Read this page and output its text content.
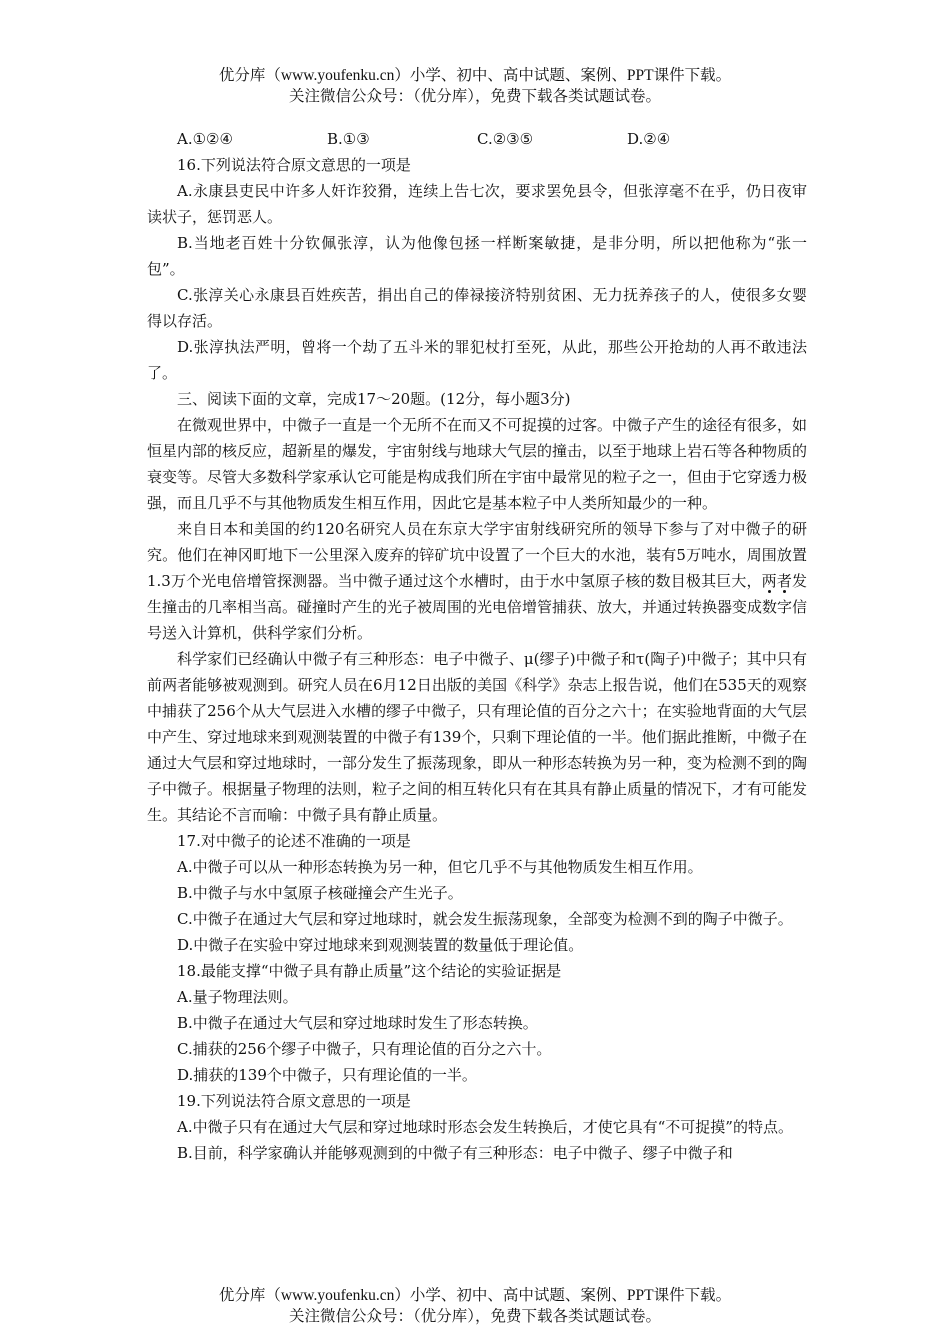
优分库（www.youfenku.cn）小学、初中、高中试题、案例、PPT课件下载。
关注微信公众号：（优分库），免费下载各类试题试卷。
A.①②④	B.①③	C.②③⑤	D.②④

16.下列说法符合原文意思的一项是

A.永康县吏民中许多人奸诈狡猾，连续上告七次，要求罢免县令，但张淳毫不在乎，仍日夜审读状子，惩罚恶人。

B.当地老百姓十分钦佩张淳，认为他像包拯一样断案敏捷，是非分明，所以把他称为“张一包”。

C.张淳关心永康县百姓疾苦，捐出自己的俸禄接济特别贫困、无力抚养孩子的人，使很多女婴得以存活。

D.张淳执法严明，曾将一个劫了五斗米的罪犯杖打至死，从此，那些公开抢劫的人再不敢违法了。

三、阅读下面的文章，完成17～20题。(12分，每小题3分)

在微观世界中，中微子一直是一个无所不在而又不可捉摸的过客。中微子产生的途径有很多，如恒星内部的核反应，超新星的爆发，宇宙射线与地球大气层的撞击，以至于地球上岩石等各种物质的衰变等。尽管大多数科学家承认它可能是构成我们所在宇宙中最常见的粒子之一，但由于它穿透力极强，而且几乎不与其他物质发生相互作用，因此它是基本粒子中人类所知最少的一种。

来自日本和美国的约120名研究人员在东京大学宇宙射线研究所的领导下参与了对中微子的研究。他们在神冈町地下一公里深入废弃的锌矿坑中设置了一个巨大的水池，装有5万吨水，周围放置1.3万个光电倍增管探测器。当中微子通过这个水槽时，由于水中氢原子核的数目极其巨大，两者发生撞击的几率相当高。碰撞时产生的光子被周围的光电倍增管捕获、放大，并通过转换器变成数字信号送入计算机，供科学家们分析。

科学家们已经确认中微子有三种形态：电子中微子、μ(缪子)中微子和τ(陶子)中微子；其中只有前两者能够被观测到。研究人员在6月12日出版的美国《科学》杂志上报告说，他们在535天的观察中捕获了256个从大气层进入水槽的缪子中微子，只有理论值的百分之六十；在实验地背面的大气层中产生、穿过地球来到观测装置的中微子有139个，只剩下理论值的一半。他们据此推断，中微子在通过大气层和穿过地球时，一部分发生了振荡现象，即从一种形态转换为另一种，变为检测不到的陶子中微子。根据量子物理的法则，粒子之间的相互转化只有在其具有静止质量的情况下，才有可能发生。其结论不言而喻：中微子具有静止质量。

17.对中微子的论述不准确的一项是

A.中微子可以从一种形态转换为另一种，但它几乎不与其他物质发生相互作用。

B.中微子与水中氢原子核碰撞会产生光子。

C.中微子在通过大气层和穿过地球时，就会发生振荡现象，全部变为检测不到的陶子中微子。

D.中微子在实验中穿过地球来到观测装置的数量低于理论值。

18.最能支撑“中微子具有静止质量”这个结论的实验证据是

A.量子物理法则。

B.中微子在通过大气层和穿过地球时发生了形态转换。

C.捕获的256个缪子中微子，只有理论值的百分之六十。

D.捕获的139个中微子，只有理论值的一半。

19.下列说法符合原文意思的一项是

A.中微子只有在通过大气层和穿过地球时形态会发生转换后，才使它具有“不可捉摸”的特点。

B.目前，科学家确认并能够观测到的中微子有三种形态：电子中微子、缪子中微子和

优分库（www.youfenku.cn）小学、初中、高中试题、案例、PPT课件下载。
关注微信公众号：（优分库），免费下载各类试题试卷。
